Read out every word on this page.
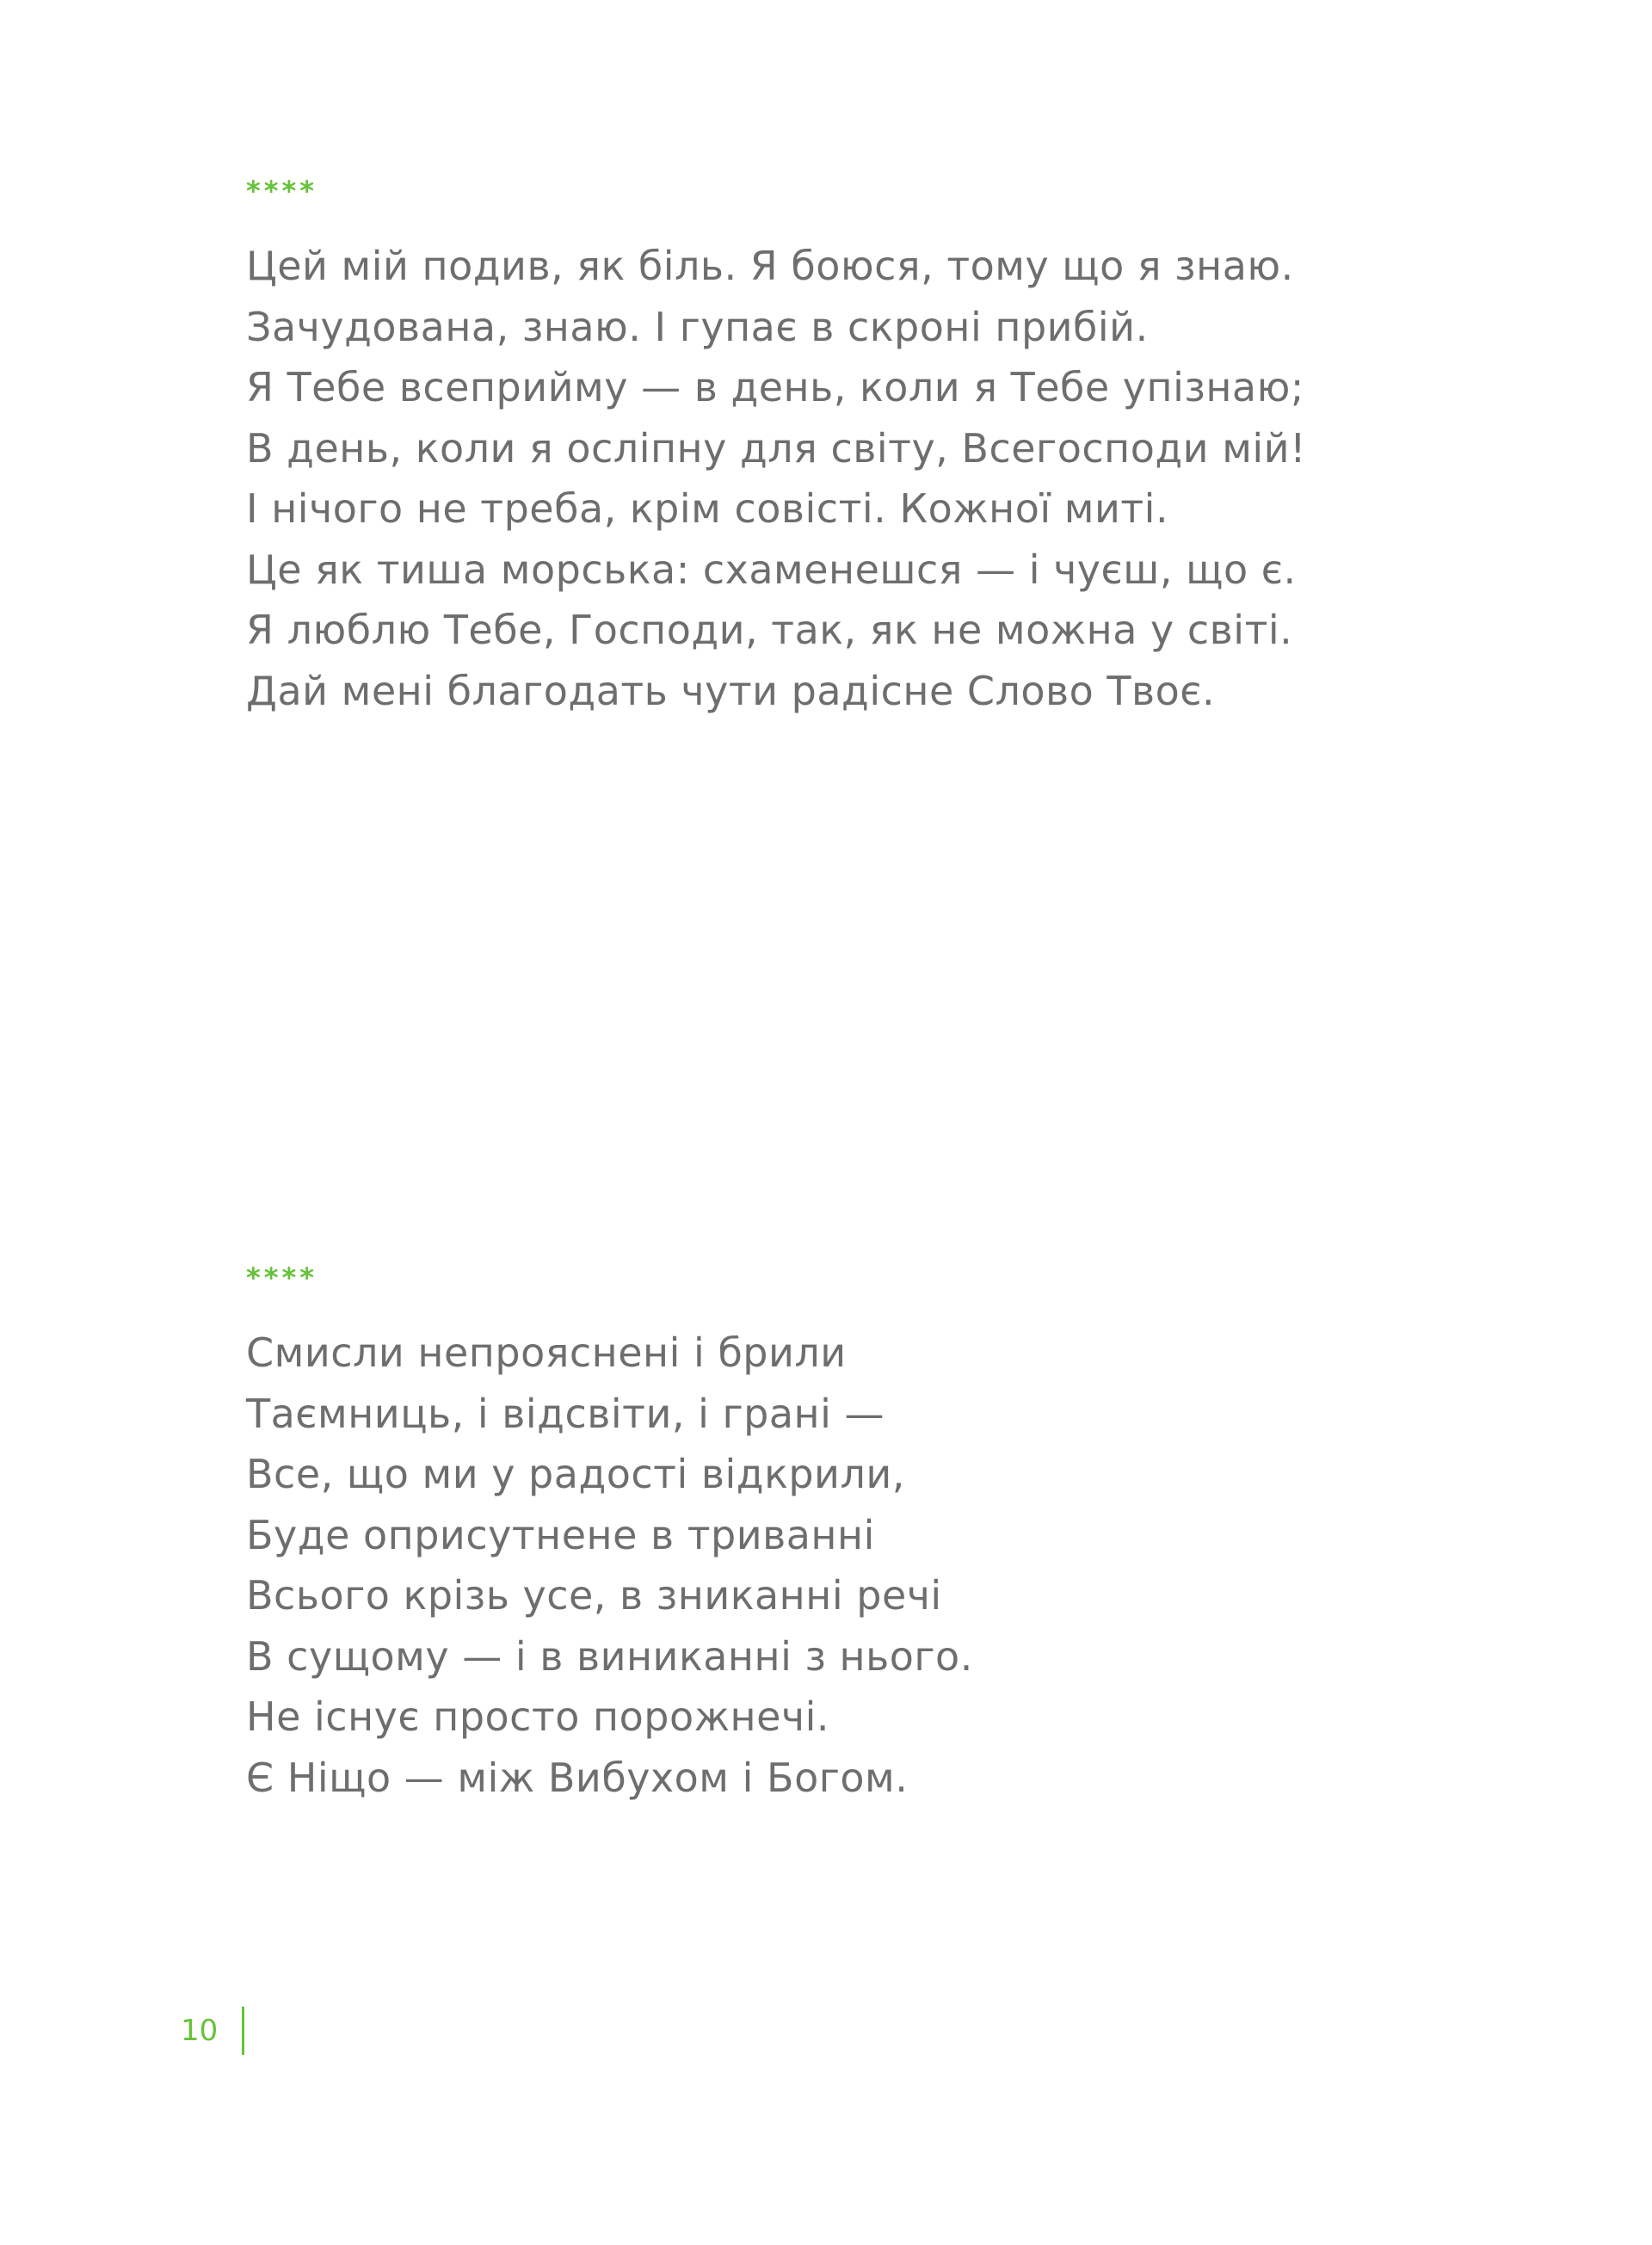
****
Цей мій подив, як біль. Я боюся, тому що я знаю.
Зачудована, знаю. І гупає в скроні прибій.
Я Тебе всеприйму — в день, коли я Тебе упізнаю;
В день, коли я осліпну для світу, Всегосподи мій!
І нічого не треба, крім совісті. Кожної миті.
Це як тиша морська: схаменешся — і чуєш, що є.
Я люблю Тебе, Господи, так, як не можна у світі.
Дай мені благодать чути радісне Слово Твоє.
****
Смисли непрояснені і брили
Таємниць, і відсвіти, і грані —
Все, що ми у радості відкрили,
Буде оприсутнене в триванні
Всього крізь усе, в зниканні речі
В сущому — і в виниканні з нього.
Не існує просто порожнечі.
Є Ніщо — між Вибухом і Богом.
10
